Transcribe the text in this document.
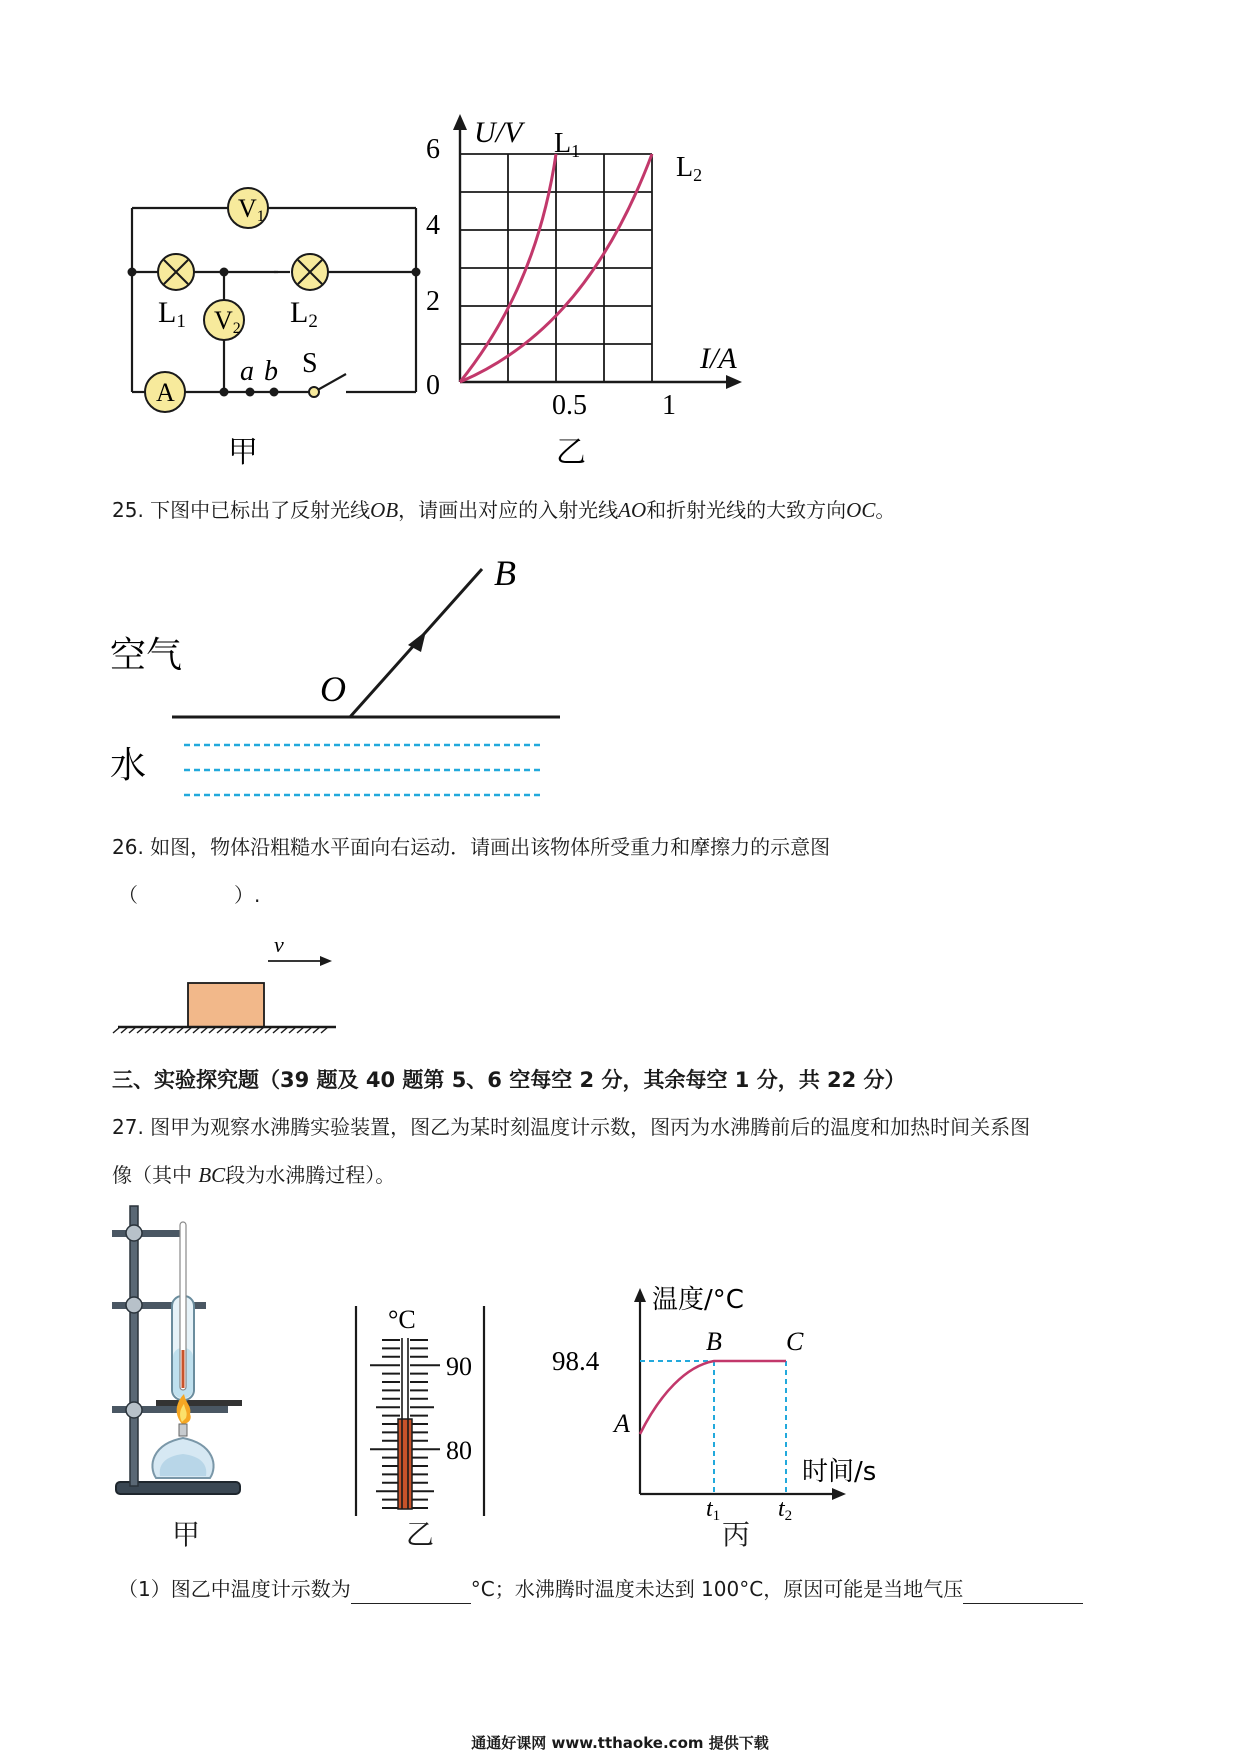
V1
V2
A
L1	L2
a b S
甲
U/V
I/A
0
6
4
2
0.5	1
L1
L2
乙
25. 下图中已标出了反射光线OB，请画出对应的入射光线AO和折射光线的大致方向OC。
空气
水
O
B
26. 如图，物体沿粗糙水平面向右运动．请画出该物体所受重力和摩擦力的示意图
（	）.
v
三、实验探究题（39 题及 40 题第 5、6 空每空 2 分，其余每空 1 分，共 22 分）
27. 图甲为观察水沸腾实验装置，图乙为某时刻温度计示数，图丙为水沸腾前后的温度和加热时间关系图
像（其中 BC段为水沸腾过程）。
甲
°C
90
80
乙
温度/°C
时间/s
98.4
A
B C
t1 t2
丙
（1）图乙中温度计示数为	°C；水沸腾时温度未达到 100°C，原因可能是当地气压
通通好课网 www.tthaoke.com 提供下载
